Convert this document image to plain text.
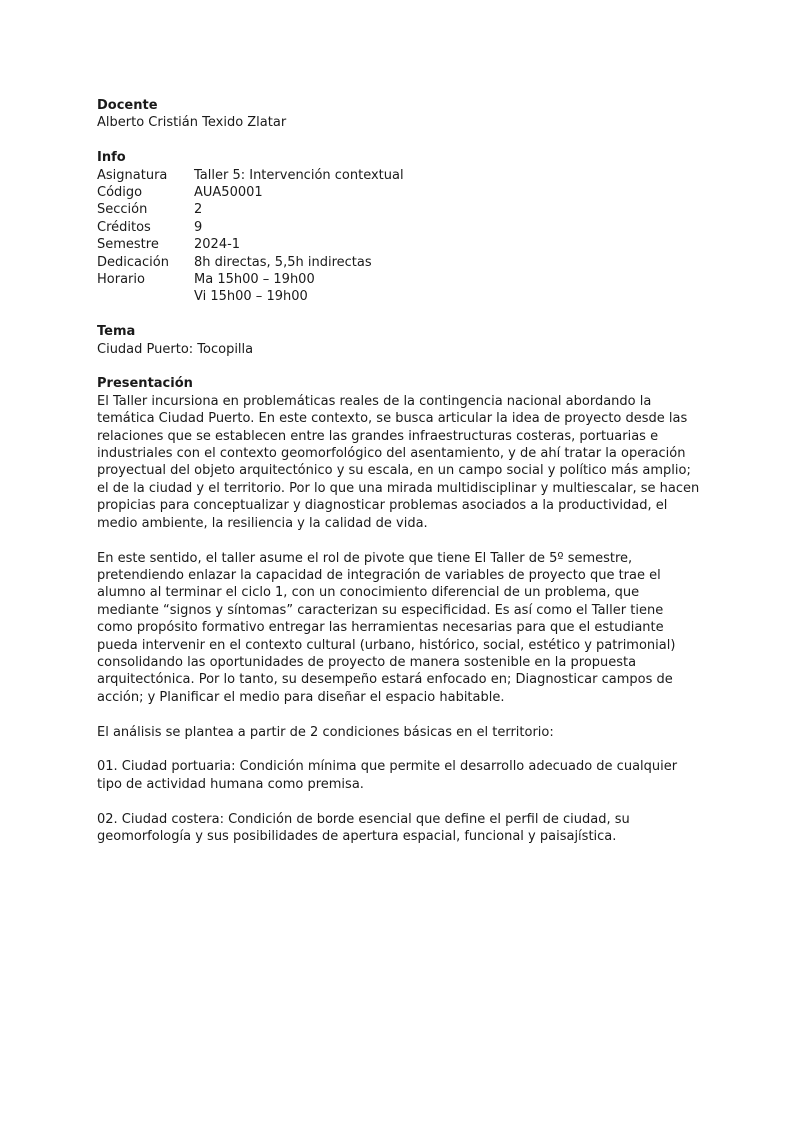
Docente
Alberto Cristián Texido Zlatar
Info
Asignatura	Taller 5: Intervención contextual
Código	AUA50001
Sección	2
Créditos	9
Semestre	2024-1
Dedicación	8h directas, 5,5h indirectas
Horario	Ma 15h00 – 19h00
Vi 15h00 – 19h00
Tema
Ciudad Puerto: Tocopilla
Presentación

El Taller incursiona en problemáticas reales de la contingencia nacional abordando la temática Ciudad Puerto. En este contexto, se busca articular la idea de proyecto desde las relaciones que se establecen entre las grandes infraestructuras costeras, portuarias e industriales con el contexto geomorfológico del asentamiento, y de ahí tratar la operación proyectual del objeto arquitectónico y su escala, en un campo social y político más amplio; el de la ciudad y el territorio. Por lo que una mirada multidisciplinar y multiescalar, se hacen propicias para conceptualizar y diagnosticar problemas asociados a la productividad, el medio ambiente, la resiliencia y la calidad de vida.

En este sentido, el taller asume el rol de pivote que tiene El Taller de 5º semestre, pretendiendo enlazar la capacidad de integración de variables de proyecto que trae el alumno al terminar el ciclo 1, con un conocimiento diferencial de un problema, que mediante “signos y síntomas” caracterizan su especificidad. Es así como el Taller tiene como propósito formativo entregar las herramientas necesarias para que el estudiante pueda intervenir en el contexto cultural (urbano, histórico, social, estético y patrimonial) consolidando las oportunidades de proyecto de manera sostenible en la propuesta arquitectónica. Por lo tanto, su desempeño estará enfocado en; Diagnosticar campos de acción; y Planificar el medio para diseñar el espacio habitable.

El análisis se plantea a partir de 2 condiciones básicas en el territorio:

01. Ciudad portuaria: Condición mínima que permite el desarrollo adecuado de cualquier tipo de actividad humana como premisa.

02. Ciudad costera: Condición de borde esencial que define el perfil de ciudad, su geomorfología y sus posibilidades de apertura espacial, funcional y paisajística.
